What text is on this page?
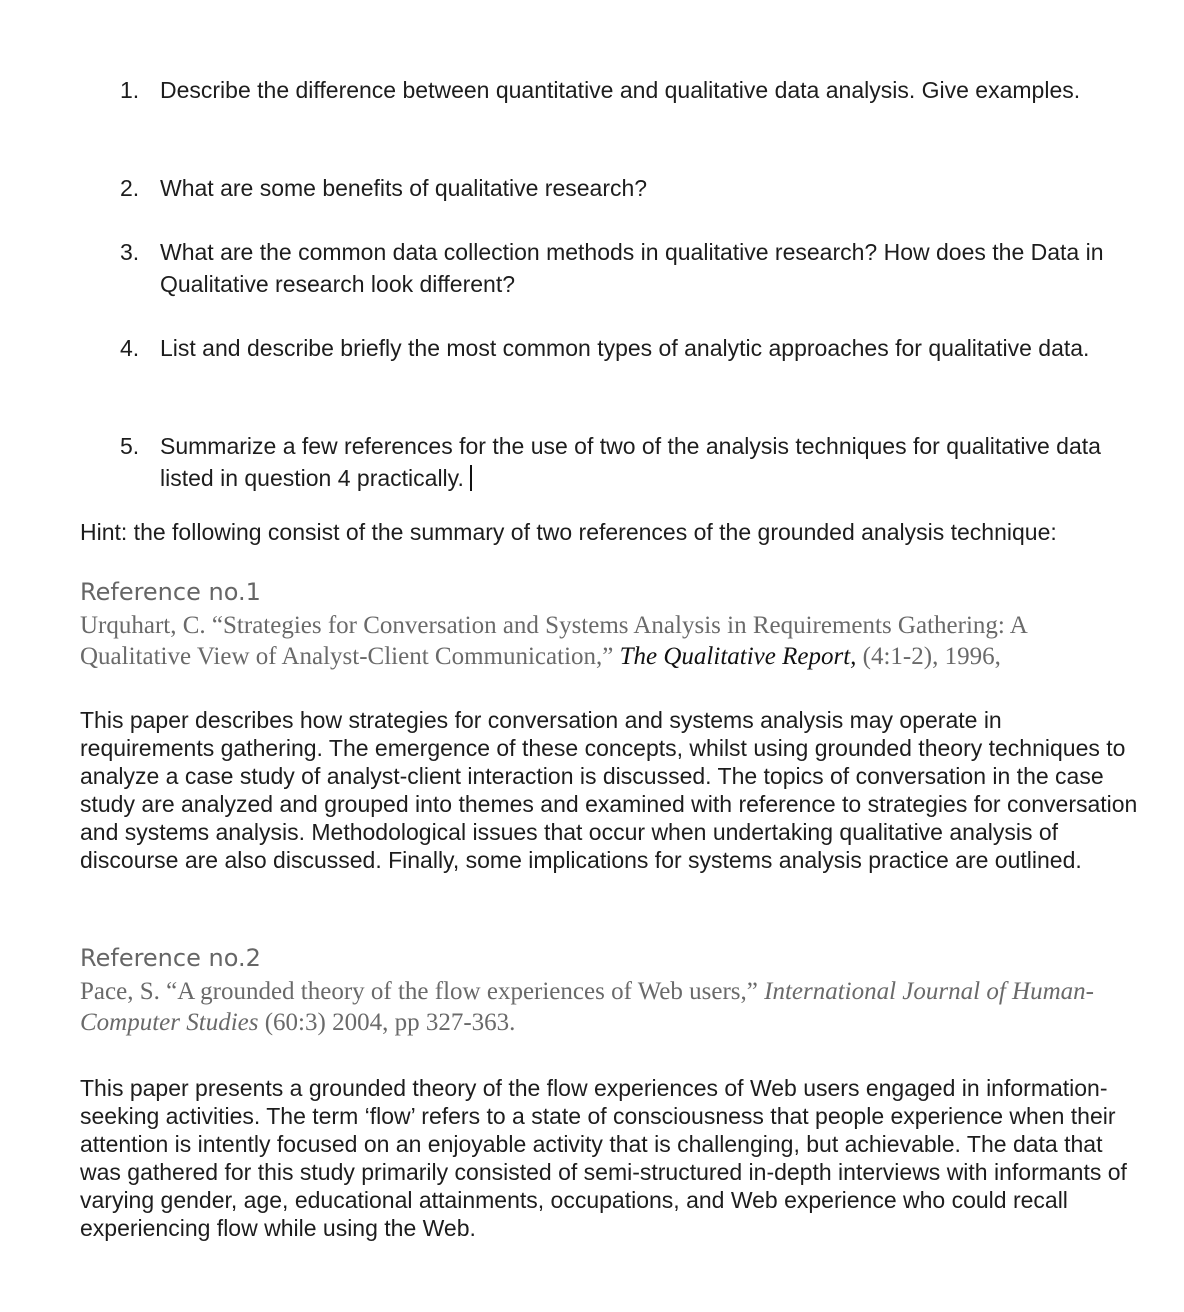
1. Describe the difference between quantitative and qualitative data analysis. Give examples.
2. What are some benefits of qualitative research?
3. What are the common data collection methods in qualitative research? How does the Data in Qualitative research look different?
4. List and describe briefly the most common types of analytic approaches for qualitative data.
5. Summarize a few references for the use of two of the analysis techniques for qualitative data listed in question 4 practically.
Hint: the following consist of the summary of two references of the grounded analysis technique:
Reference no.1
Urquhart, C. “Strategies for Conversation and Systems Analysis in Requirements Gathering: A Qualitative View of Analyst-Client Communication,” The Qualitative Report, (4:1-2), 1996,
This paper describes how strategies for conversation and systems analysis may operate in requirements gathering. The emergence of these concepts, whilst using grounded theory techniques to analyze a case study of analyst-client interaction is discussed. The topics of conversation in the case study are analyzed and grouped into themes and examined with reference to strategies for conversation and systems analysis. Methodological issues that occur when undertaking qualitative analysis of discourse are also discussed. Finally, some implications for systems analysis practice are outlined.
Reference no.2
Pace, S. “A grounded theory of the flow experiences of Web users,” International Journal of Human-Computer Studies (60:3) 2004, pp 327-363.
This paper presents a grounded theory of the flow experiences of Web users engaged in information-seeking activities. The term ‘flow’ refers to a state of consciousness that people experience when their attention is intently focused on an enjoyable activity that is challenging, but achievable. The data that was gathered for this study primarily consisted of semi-structured in-depth interviews with informants of varying gender, age, educational attainments, occupations, and Web experience who could recall experiencing flow while using the Web.
